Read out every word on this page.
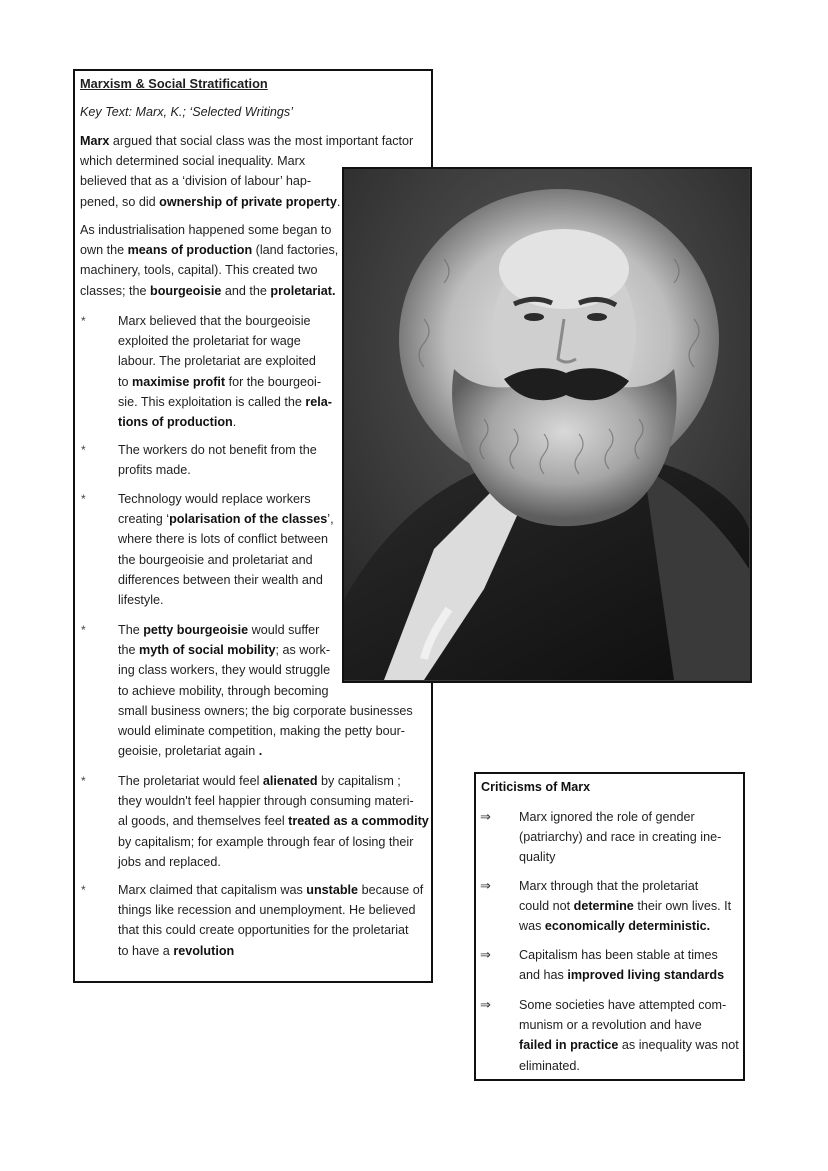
Marxism & Social Stratification
Key Text: Marx, K.; ‘Selected Writings’
Marx argued that social class was the most important factor
which determined social inequality. Marx
believed that as a ‘division of labour’ hap-
pened, so did ownership of private property.
As industrialisation happened some began to
own the means of production (land factories,
machinery, tools, capital). This created two
classes; the bourgeoisie and the proletariat.
*	Marx believed that the bourgeoisie
exploited the proletariat for wage
labour. The proletariat are exploited
to maximise profit for the bourgeoi-
sie. This exploitation is called the rela-
tions of production.
*	The workers do not benefit from the
profits made.
*	Technology would replace workers
creating ‘polarisation of the classes’,
where there is lots of conflict between
the bourgeoisie and proletariat and
differences between their wealth and
lifestyle.
*	The petty bourgeoisie would suffer
the myth of social mobility; as work-
ing class workers, they would struggle
to achieve mobility, through becoming
small business owners; the big corporate businesses
would eliminate competition, making the petty bour-
geoisie, proletariat again .
*	The proletariat would feel alienated by capitalism ;
they wouldn't feel happier through consuming materi-
al goods, and themselves feel treated as a commodity
by capitalism; for example through fear of losing their
jobs and replaced.
*	Marx claimed that capitalism was unstable because of
things like recession and unemployment. He believed
that this could create opportunities for the proletariat
to have a revolution
Criticisms of Marx
⇒ Marx ignored the role of gender
(patriarchy) and race in creating ine-
quality
⇒ Marx through that the proletariat
could not determine their own lives. It
was economically deterministic.
⇒ Capitalism has been stable at times
and has improved living standards
⇒ Some societies have attempted com-
munism or a revolution and have
failed in practice as inequality was not
eliminated.
